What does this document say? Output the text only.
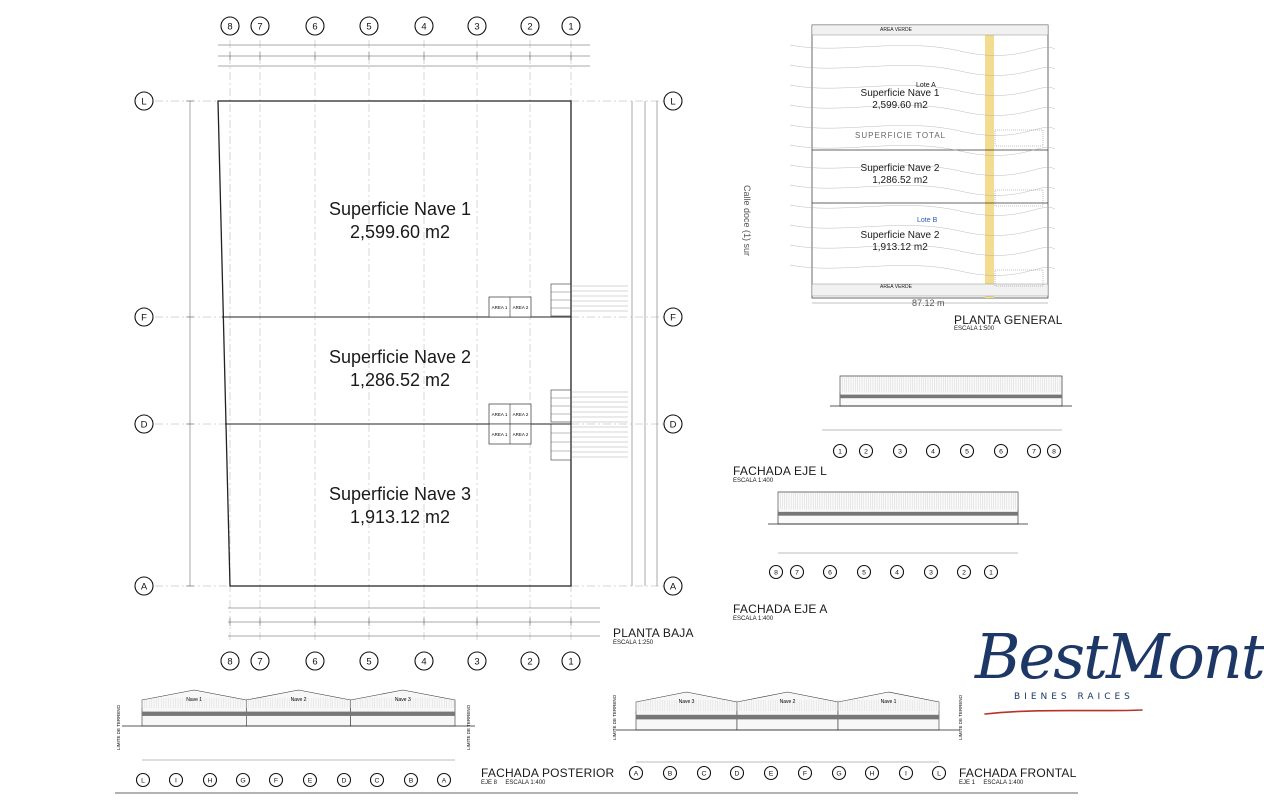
8
8
7
7
6
6
5
5
4
4
3
3
2
2
1
1
L	L
F	F
D	D
A	A
AREA 1 AREA 2
AREA 1 AREA 2
AREA 1 AREA 2
1	2	3	4	5	6	7 8
8	7	6	5	4	3	2	1
Nave 1	Nave 2	Nave 3
L	I	H	G	F	E	D	C	B	A
LIMITE DE TERRENO	LIMITE DE TERRENO
Nave 3	Nave 2	Nave 1
A	B	C	D	E	F	G	H	I	L
LIMITE DE TERRENO	LIMITE DE TERRENO
Superficie Nave 1
2,599.60 m2
Superficie Nave 2
1,286.52 m2
Superficie Nave 3
1,913.12 m2
PLANTA BAJA
ESCALA 1:250
Lote A
Superficie Nave 1
2,599.60 m2
SUPERFICIE TOTAL
Superficie Nave 2
1,286.52 m2
Lote B
Superficie Nave 2
1,913.12 m2
AREA VERDE
AREA VERDE
87.12 m
Calle doce (1) sur
PLANTA GENERAL
ESCALA 1:500
FACHADA EJE L
ESCALA 1:400
FACHADA EJE A
ESCALA 1:400
FACHADA POSTERIOR
EJE 8 ESCALA 1:400
FACHADA FRONTAL
EJE 1 ESCALA 1:400
BestMont
BIENES RAICES
